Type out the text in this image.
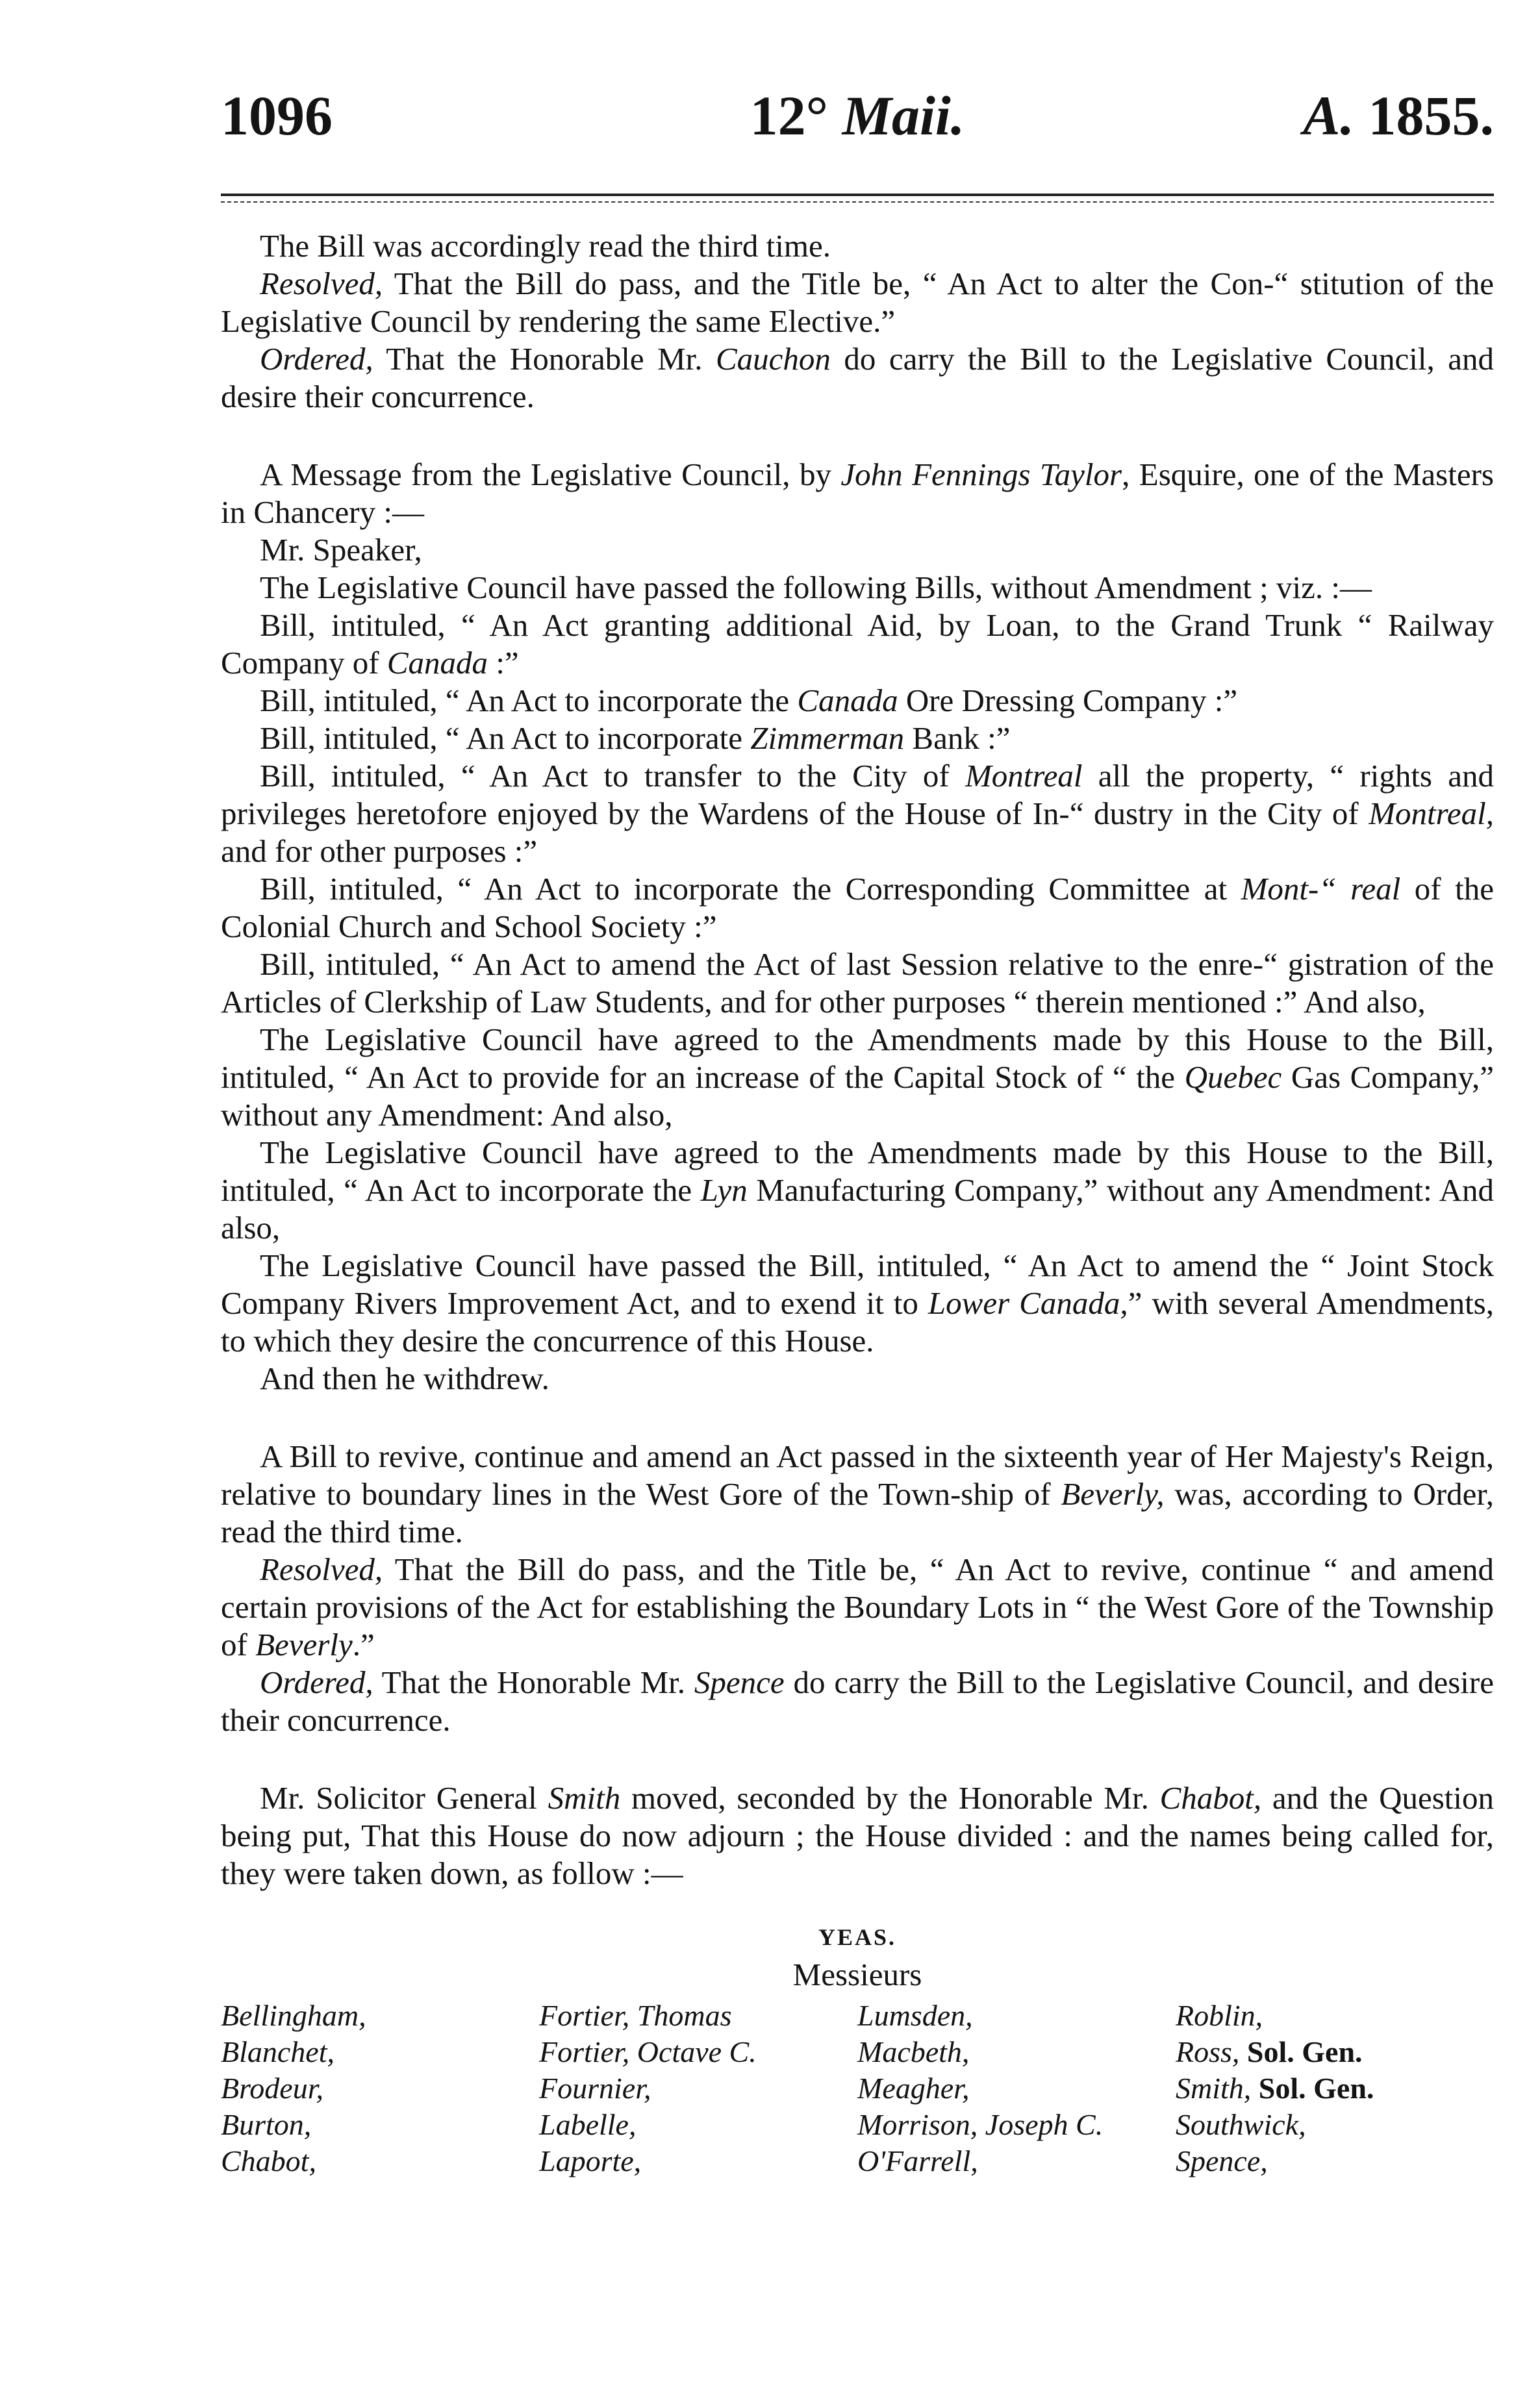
1096	12° Maii.	A. 1855.

The Bill was accordingly read the third time.

Resolved, That the Bill do pass, and the Title be, “ An Act to alter the Con-“ stitution of the Legislative Council by rendering the same Elective.”

Ordered, That the Honorable Mr. Cauchon do carry the Bill to the Legislative Council, and desire their concurrence.

A Message from the Legislative Council, by John Fennings Taylor, Esquire, one of the Masters in Chancery :—

Mr. Speaker,

The Legislative Council have passed the following Bills, without Amendment ; viz. :—

Bill, intituled, “ An Act granting additional Aid, by Loan, to the Grand Trunk “ Railway Company of Canada :”

Bill, intituled, “ An Act to incorporate the Canada Ore Dressing Company :”

Bill, intituled, “ An Act to incorporate Zimmerman Bank :”

Bill, intituled, “ An Act to transfer to the City of Montreal all the property, “ rights and privileges heretofore enjoyed by the Wardens of the House of In-“ dustry in the City of Montreal, and for other purposes :”

Bill, intituled, “ An Act to incorporate the Corresponding Committee at Mont-“ real of the Colonial Church and School Society :”

Bill, intituled, “ An Act to amend the Act of last Session relative to the enre-“ gistration of the Articles of Clerkship of Law Students, and for other purposes “ therein mentioned :” And also,

The Legislative Council have agreed to the Amendments made by this House to the Bill, intituled, “ An Act to provide for an increase of the Capital Stock of “ the Quebec Gas Company,” without any Amendment: And also,

The Legislative Council have agreed to the Amendments made by this House to the Bill, intituled, “ An Act to incorporate the Lyn Manufacturing Company,” without any Amendment: And also,

The Legislative Council have passed the Bill, intituled, “ An Act to amend the “ Joint Stock Company Rivers Improvement Act, and to exend it to Lower Canada,” with several Amendments, to which they desire the concurrence of this House.

And then he withdrew.

A Bill to revive, continue and amend an Act passed in the sixteenth year of Her Majesty's Reign, relative to boundary lines in the West Gore of the Town-ship of Beverly, was, according to Order, read the third time.

Resolved, That the Bill do pass, and the Title be, “ An Act to revive, continue “ and amend certain provisions of the Act for establishing the Boundary Lots in “ the West Gore of the Township of Beverly.”

Ordered, That the Honorable Mr. Spence do carry the Bill to the Legislative Council, and desire their concurrence.

Mr. Solicitor General Smith moved, seconded by the Honorable Mr. Chabot, and the Question being put, That this House do now adjourn ; the House divided : and the names being called for, they were taken down, as follow :—

YEAS.

Messieurs

Bellingham,	Fortier, Thomas	Lumsden,	Roblin,
Blanchet,	Fortier, Octave C.	Macbeth,	Ross, Sol. Gen.
Brodeur,	Fournier,	Meagher,	Smith, Sol. Gen.
Burton,	Labelle,	Morrison, Joseph C.	Southwick,
Chabot,	Laporte,	O'Farrell,	Spence,
